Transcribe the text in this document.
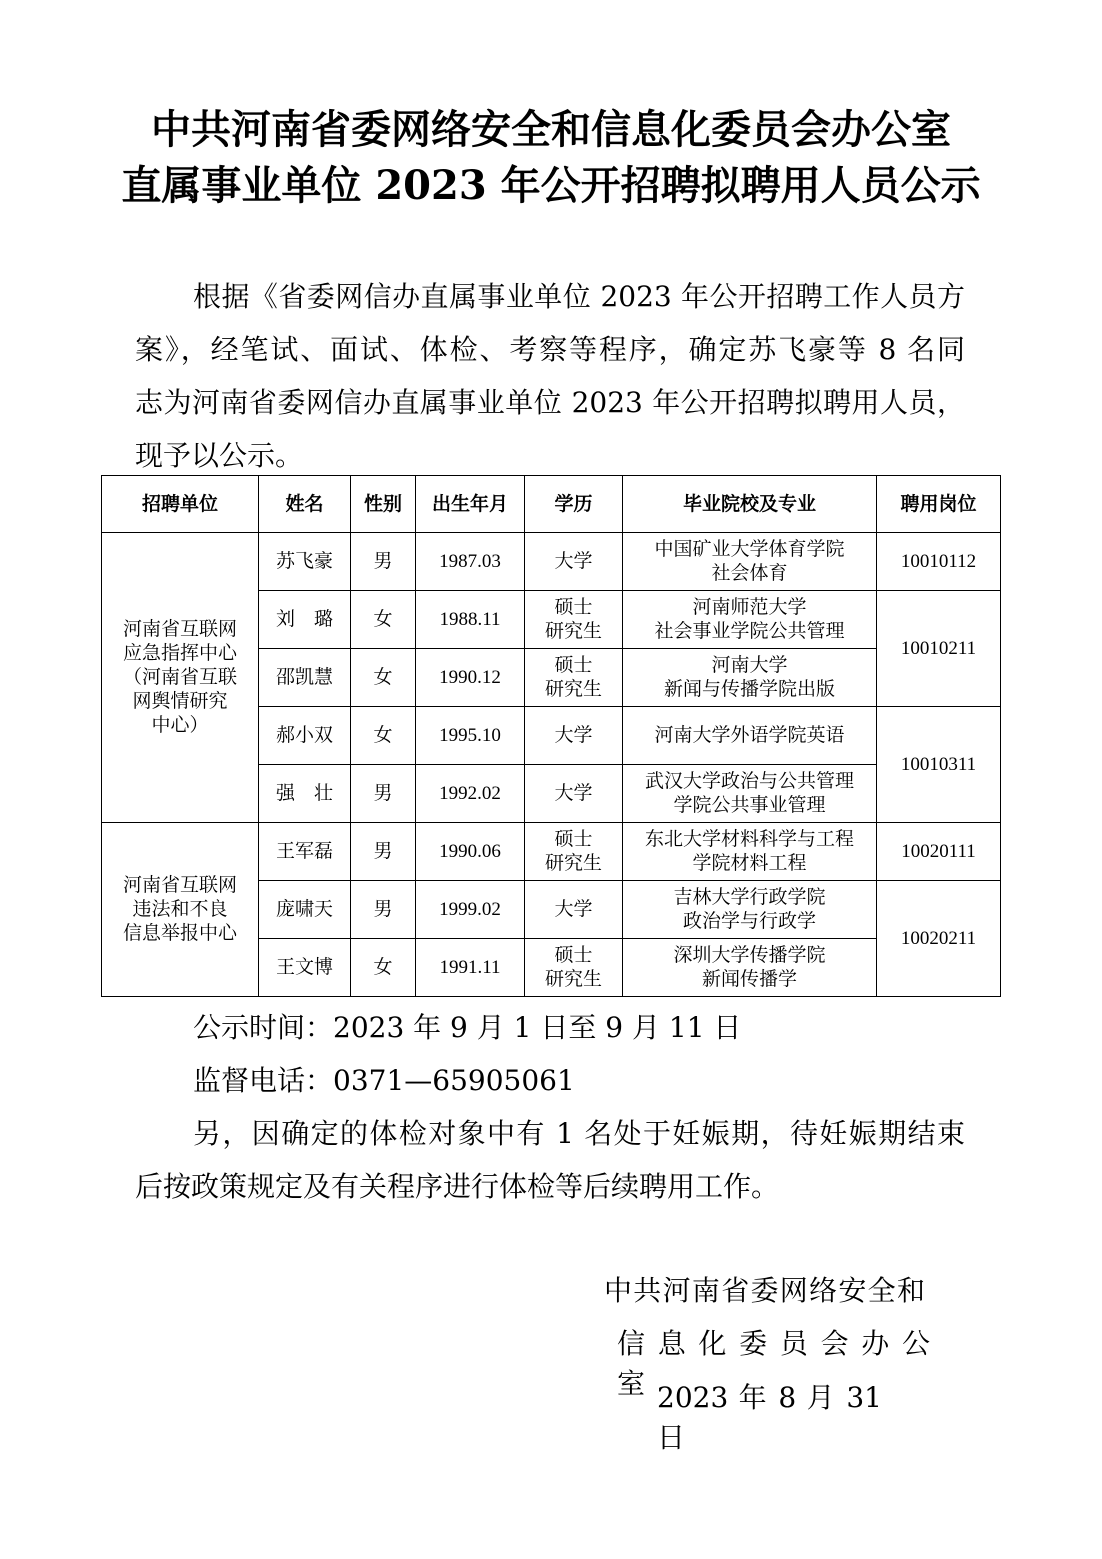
中共河南省委网络安全和信息化委员会办公室
直属事业单位 2023 年公开招聘拟聘用人员公示
根据《省委网信办直属事业单位 2023 年公开招聘工作人员方
案》，经笔试、面试、体检、考察等程序，确定苏飞豪等 8 名同
志为河南省委网信办直属事业单位 2023 年公开招聘拟聘用人员，
现予以公示。
招聘单位	姓名	性别	出生年月	学历	毕业院校及专业	聘用岗位

河南省互联网
应急指挥中心
（河南省互联
网舆情研究
中心）	苏飞豪	男	1987.03	大学	中国矿业大学体育学院
社会体育	10010112
	刘　璐	女	1988.11	硕士
研究生	河南师范大学
社会事业学院公共管理	10010211
	邵凯慧	女	1990.12	硕士
研究生	河南大学
新闻与传播学院出版	

	郝小双	女	1995.10	大学	河南大学外语学院英语	10010311
	强　壮	男	1992.02	大学	武汉大学政治与公共管理
学院公共事业管理	

河南省互联网
违法和不良
信息举报中心	王军磊	男	1990.06	硕士
研究生	东北大学材料科学与工程
学院材料工程	10020111
	庞啸天	男	1999.02	大学	吉林大学行政学院
政治学与行政学	10020211
	王文博	女	1991.11	硕士
研究生	深圳大学传播学院
新闻传播学	
公示时间：2023 年 9 月 1 日至 9 月 11 日
监督电话：0371—65905061
另，因确定的体检对象中有 1 名处于妊娠期，待妊娠期结束
后按政策规定及有关程序进行体检等后续聘用工作。
中共河南省委网络安全和
信 息 化 委 员 会 办 公 室 2023 年 8 月 31 日
